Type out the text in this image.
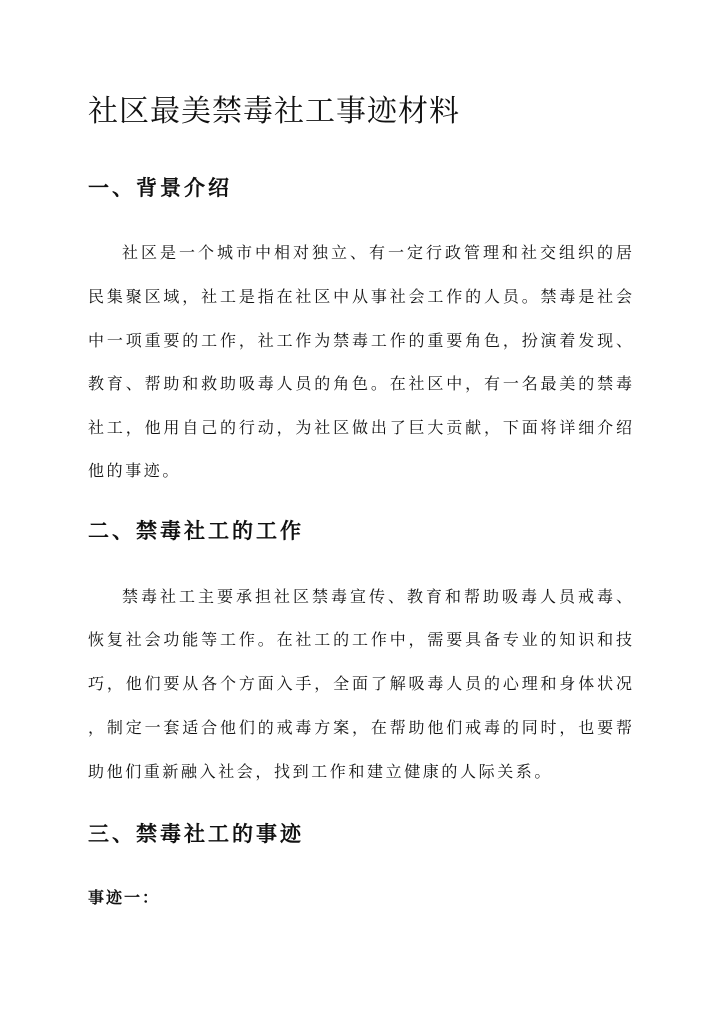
社区最美禁毒社工事迹材料
一、背景介绍

社区是一个城市中相对独立、有一定行政管理和社交组织的居

民集聚区域，社工是指在社区中从事社会工作的人员。禁毒是社会

中一项重要的工作，社工作为禁毒工作的重要角色，扮演着发现、

教育、帮助和救助吸毒人员的角色。在社区中，有一名最美的禁毒

社工，他用自己的行动，为社区做出了巨大贡献，下面将详细介绍

他的事迹。

二、禁毒社工的工作

禁毒社工主要承担社区禁毒宣传、教育和帮助吸毒人员戒毒、

恢复社会功能等工作。在社工的工作中，需要具备专业的知识和技

巧，他们要从各个方面入手，全面了解吸毒人员的心理和身体状况

，制定一套适合他们的戒毒方案，在帮助他们戒毒的同时，也要帮

助他们重新融入社会，找到工作和建立健康的人际关系。

三、禁毒社工的事迹
事迹一：
